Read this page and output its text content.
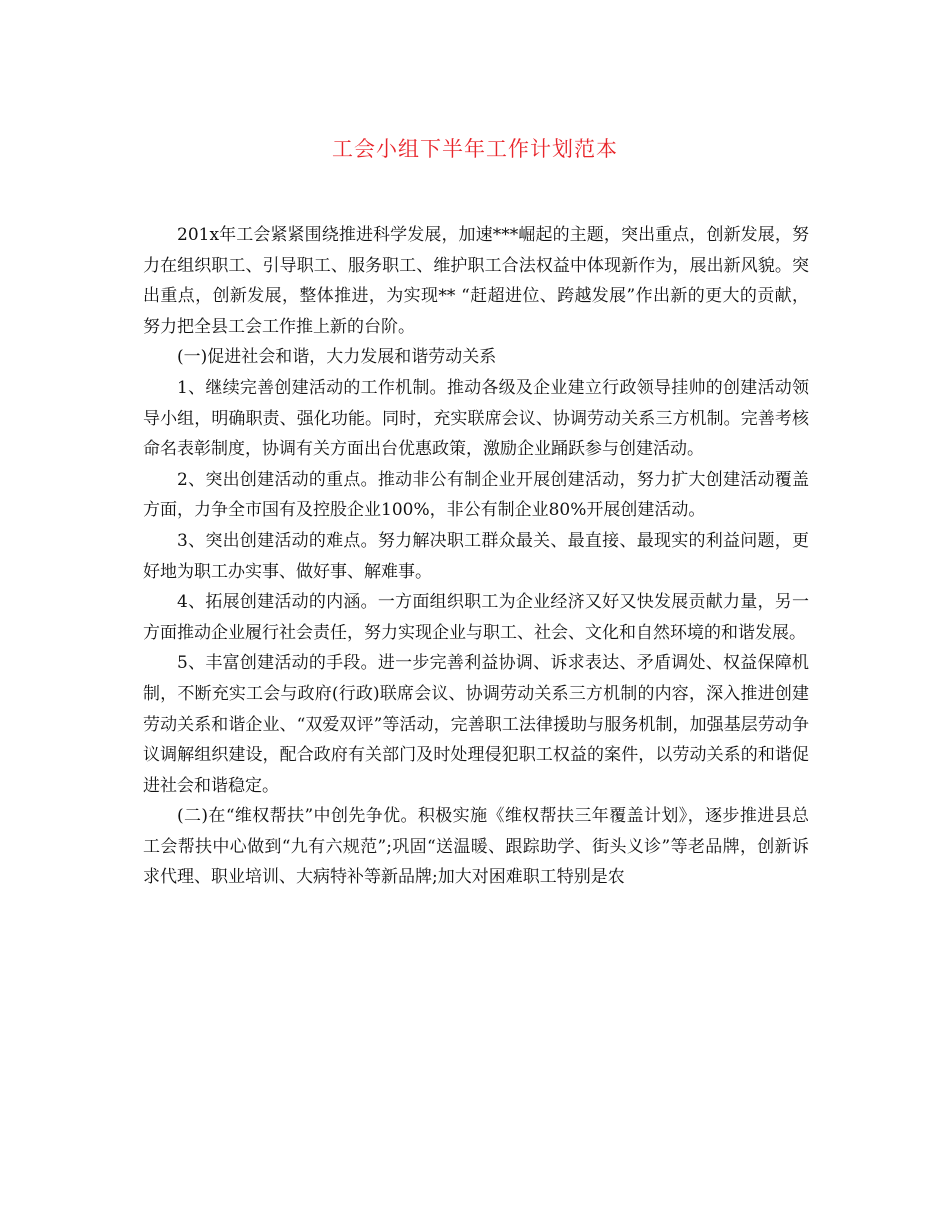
工会小组下半年工作计划范本

201x年工会紧紧围绕推进科学发展，加速***崛起的主题，突出重点，创新发展，努力在组织职工、引导职工、服务职工、维护职工合法权益中体现新作为，展出新风貌。突出重点，创新发展，整体推进，为实现** “赶超进位、跨越发展”作出新的更大的贡献，努力把全县工会工作推上新的台阶。

(一)促进社会和谐，大力发展和谐劳动关系

1、继续完善创建活动的工作机制。推动各级及企业建立行政领导挂帅的创建活动领导小组，明确职责、强化功能。同时，充实联席会议、协调劳动关系三方机制。完善考核命名表彰制度，协调有关方面出台优惠政策，激励企业踊跃参与创建活动。

2、突出创建活动的重点。推动非公有制企业开展创建活动，努力扩大创建活动覆盖方面，力争全市国有及控股企业100%，非公有制企业80%开展创建活动。

3、突出创建活动的难点。努力解决职工群众最关、最直接、最现实的利益问题，更好地为职工办实事、做好事、解难事。

4、拓展创建活动的内涵。一方面组织职工为企业经济又好又快发展贡献力量，另一方面推动企业履行社会责任，努力实现企业与职工、社会、文化和自然环境的和谐发展。

5、丰富创建活动的手段。进一步完善利益协调、诉求表达、矛盾调处、权益保障机制，不断充实工会与政府(行政)联席会议、协调劳动关系三方机制的内容，深入推进创建劳动关系和谐企业、“双爱双评”等活动，完善职工法律援助与服务机制，加强基层劳动争议调解组织建设，配合政府有关部门及时处理侵犯职工权益的案件，以劳动关系的和谐促进社会和谐稳定。

(二)在“维权帮扶”中创先争优。积极实施《维权帮扶三年覆盖计划》，逐步推进县总工会帮扶中心做到“九有六规范”;巩固“送温暖、跟踪助学、街头义诊”等老品牌，创新诉求代理、职业培训、大病特补等新品牌;加大对困难职工特别是农
